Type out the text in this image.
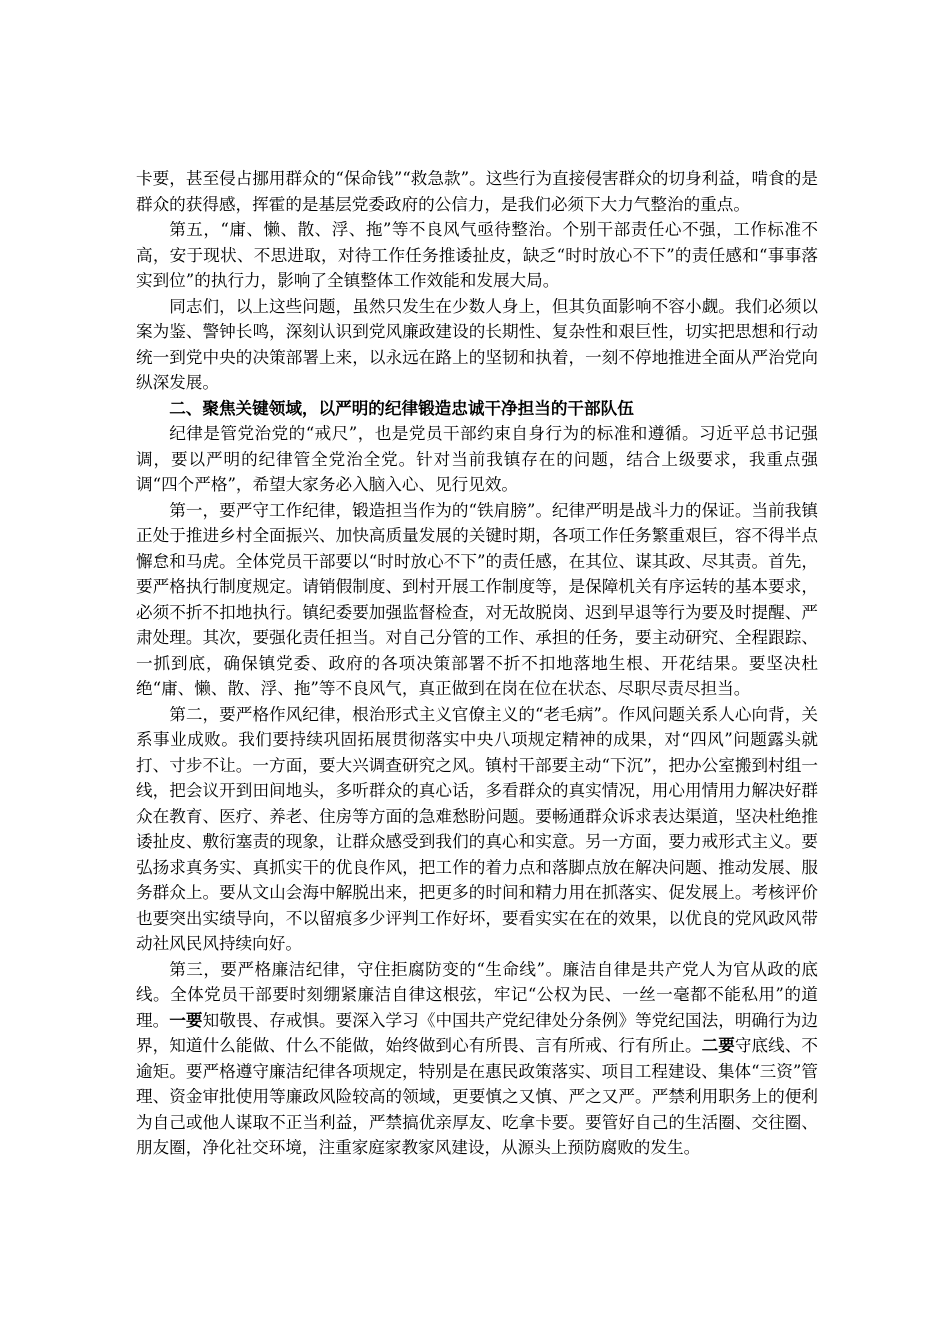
卡要，甚至侵占挪用群众的“保命钱”“救急款”。这些行为直接侵害群众的切身利益，啃食的是群众的获得感，挥霍的是基层党委政府的公信力，是我们必须下大力气整治的重点。

第五，“庸、懒、散、浮、拖”等不良风气亟待整治。个别干部责任心不强，工作标准不高，安于现状、不思进取，对待工作任务推诿扯皮，缺乏“时时放心不下”的责任感和“事事落实到位”的执行力，影响了全镇整体工作效能和发展大局。

同志们，以上这些问题，虽然只发生在少数人身上，但其负面影响不容小觑。我们必须以案为鉴、警钟长鸣，深刻认识到党风廉政建设的长期性、复杂性和艰巨性，切实把思想和行动统一到党中央的决策部署上来，以永远在路上的坚韧和执着，一刻不停地推进全面从严治党向纵深发展。

二、聚焦关键领域，以严明的纪律锻造忠诚干净担当的干部队伍

纪律是管党治党的“戒尺”，也是党员干部约束自身行为的标准和遵循。习近平总书记强调，要以严明的纪律管全党治全党。针对当前我镇存在的问题，结合上级要求，我重点强调“四个严格”，希望大家务必入脑入心、见行见效。

第一，要严守工作纪律，锻造担当作为的“铁肩膀”。纪律严明是战斗力的保证。当前我镇正处于推进乡村全面振兴、加快高质量发展的关键时期，各项工作任务繁重艰巨，容不得半点懈怠和马虎。全体党员干部要以“时时放心不下”的责任感，在其位、谋其政、尽其责。首先，要严格执行制度规定。请销假制度、到村开展工作制度等，是保障机关有序运转的基本要求，必须不折不扣地执行。镇纪委要加强监督检查，对无故脱岗、迟到早退等行为要及时提醒、严肃处理。其次，要强化责任担当。对自己分管的工作、承担的任务，要主动研究、全程跟踪、一抓到底，确保镇党委、政府的各项决策部署不折不扣地落地生根、开花结果。要坚决杜绝“庸、懒、散、浮、拖”等不良风气，真正做到在岗在位在状态、尽职尽责尽担当。

第二，要严格作风纪律，根治形式主义官僚主义的“老毛病”。作风问题关系人心向背，关系事业成败。我们要持续巩固拓展贯彻落实中央八项规定精神的成果，对“四风”问题露头就打、寸步不让。一方面，要大兴调查研究之风。镇村干部要主动“下沉”，把办公室搬到村组一线，把会议开到田间地头，多听群众的真心话，多看群众的真实情况，用心用情用力解决好群众在教育、医疗、养老、住房等方面的急难愁盼问题。要畅通群众诉求表达渠道，坚决杜绝推诿扯皮、敷衍塞责的现象，让群众感受到我们的真心和实意。另一方面，要力戒形式主义。要弘扬求真务实、真抓实干的优良作风，把工作的着力点和落脚点放在解决问题、推动发展、服务群众上。要从文山会海中解脱出来，把更多的时间和精力用在抓落实、促发展上。考核评价也要突出实绩导向，不以留痕多少评判工作好坏，要看实实在在的效果，以优良的党风政风带动社风民风持续向好。

第三，要严格廉洁纪律，守住拒腐防变的“生命线”。廉洁自律是共产党人为官从政的底线。全体党员干部要时刻绷紧廉洁自律这根弦，牢记“公权为民、一丝一毫都不能私用”的道理。一要知敬畏、存戒惧。要深入学习《中国共产党纪律处分条例》等党纪国法，明确行为边界，知道什么能做、什么不能做，始终做到心有所畏、言有所戒、行有所止。二要守底线、不逾矩。要严格遵守廉洁纪律各项规定，特别是在惠民政策落实、项目工程建设、集体“三资”管理、资金审批使用等廉政风险较高的领域，更要慎之又慎、严之又严。严禁利用职务上的便利为自己或他人谋取不正当利益，严禁搞优亲厚友、吃拿卡要。要管好自己的生活圈、交往圈、朋友圈，净化社交环境，注重家庭家教家风建设，从源头上预防腐败的发生。
